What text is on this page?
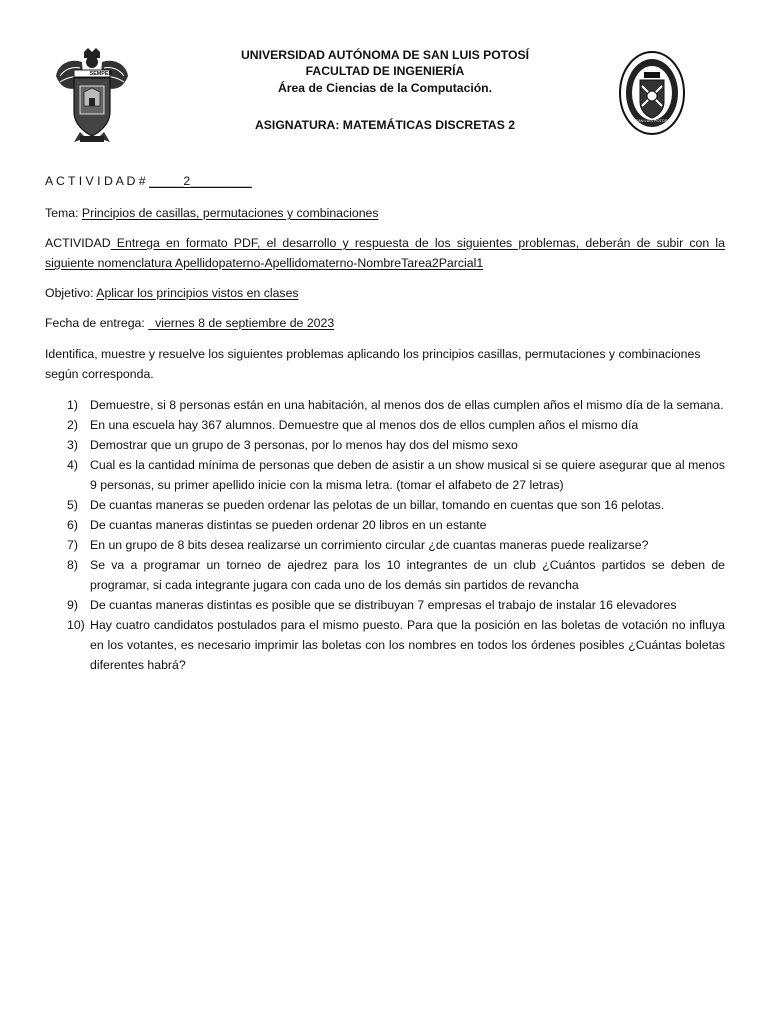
SEMPER
SAN LUIS POTOSI
UNIVERSIDAD AUTÓNOMA DE SAN LUIS POTOSÍ
FACULTAD DE INGENIERÍA
Área de Ciencias de la Computación.
ASIGNATURA: MATEMÁTICAS DISCRETAS 2
A C T I V I D A D # _____2_________
Tema: Principios de casillas, permutaciones y combinaciones
ACTIVIDAD Entrega en formato PDF, el desarrollo y respuesta de los siguientes problemas, deberán de subir con la
siguiente nomenclatura Apellidopaterno-Apellidomaterno-NombreTarea2Parcial1
Objetivo: Aplicar los principios vistos en clases
Fecha de entrega:   viernes 8 de septiembre de 2023
Identifica, muestre y resuelve los siguientes problemas aplicando los principios casillas, permutaciones y combinaciones
según corresponda.
1) Demuestre, si 8 personas están en una habitación, al menos dos de ellas cumplen años el mismo día de la semana.
2) En una escuela hay 367 alumnos. Demuestre que al menos dos de ellos cumplen años el mismo día
3) Demostrar que un grupo de 3 personas, por lo menos hay dos del mismo sexo
4) Cual es la cantidad mínima de personas que deben de asistir a un show musical si se quiere asegurar que al menos 9 personas, su primer apellido inicie con la misma letra. (tomar el alfabeto de 27 letras)
5) De cuantas maneras se pueden ordenar las pelotas de un billar, tomando en cuentas que son 16 pelotas.
6) De cuantas maneras distintas se pueden ordenar 20 libros en un estante
7) En un grupo de 8 bits desea realizarse un corrimiento circular ¿de cuantas maneras puede realizarse?
8) Se va a programar un torneo de ajedrez para los 10 integrantes de un club ¿Cuántos partidos se deben de programar, si cada integrante jugara con cada uno de los demás sin partidos de revancha
9) De cuantas maneras distintas es posible que se distribuyan 7 empresas el trabajo de instalar 16 elevadores
10) Hay cuatro candidatos postulados para el mismo puesto. Para que la posición en las boletas de votación no influya en los votantes, es necesario imprimir las boletas con los nombres en todos los órdenes posibles ¿Cuántas boletas diferentes habrá?
